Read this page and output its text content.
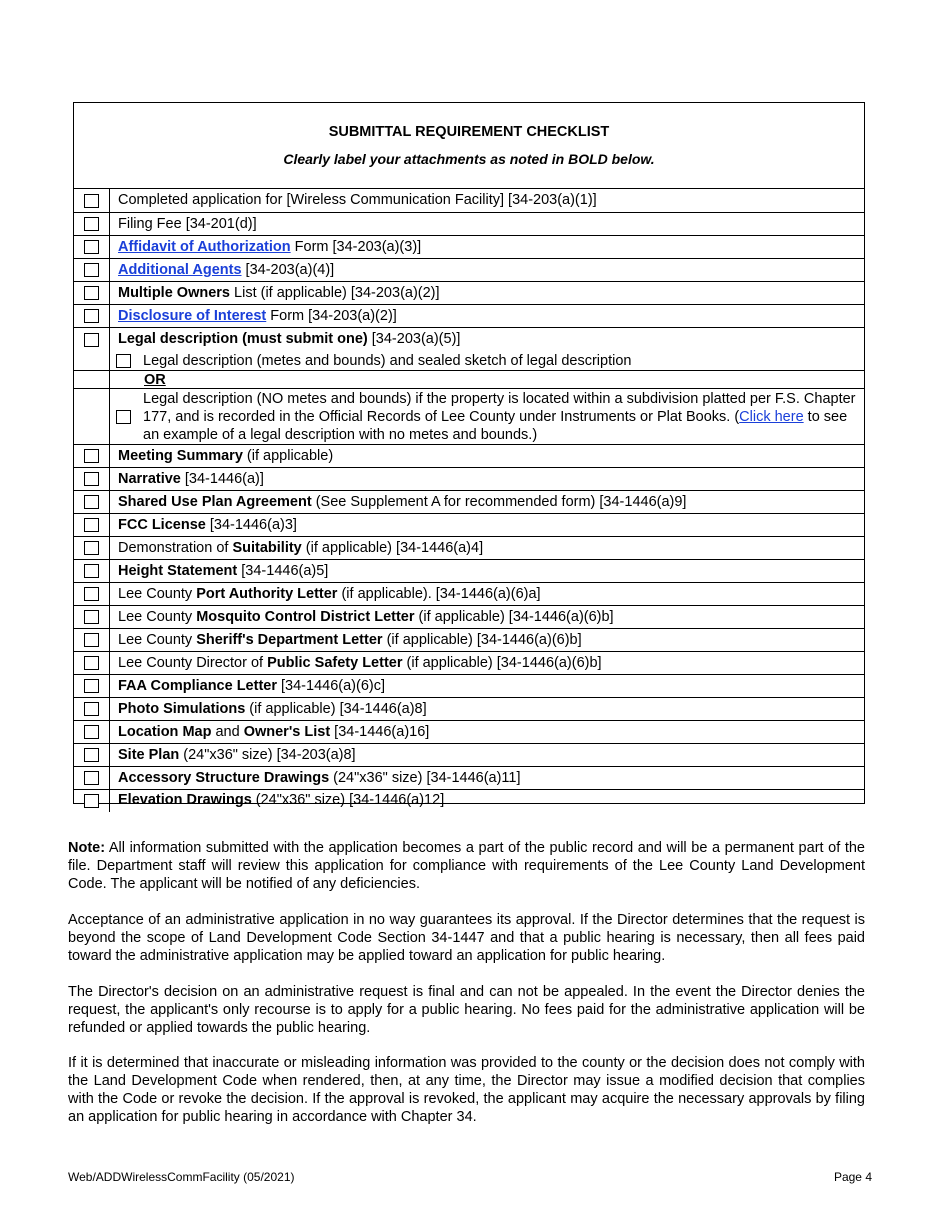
SUBMITTAL REQUIREMENT CHECKLIST
Clearly label your attachments as noted in BOLD below.
Completed application for [Wireless Communication Facility] [34-203(a)(1)]
Filing Fee [34-201(d)]
Affidavit of Authorization Form [34-203(a)(3)]
Additional Agents [34-203(a)(4)]
Multiple Owners List (if applicable) [34-203(a)(2)]
Disclosure of Interest Form [34-203(a)(2)]
Legal description (must submit one) [34-203(a)(5)]
Legal description (metes and bounds) and sealed sketch of legal description
OR
Legal description (NO metes and bounds) if the property is located within a subdivision platted per F.S. Chapter 177, and is recorded in the Official Records of Lee County under Instruments or Plat Books. (Click here to see an example of a legal description with no metes and bounds.)
Meeting Summary (if applicable)
Narrative [34-1446(a)]
Shared Use Plan Agreement (See Supplement A for recommended form) [34-1446(a)9]
FCC License [34-1446(a)3]
Demonstration of Suitability (if applicable) [34-1446(a)4]
Height Statement [34-1446(a)5]
Lee County Port Authority Letter (if applicable). [34-1446(a)(6)a]
Lee County Mosquito Control District Letter (if applicable) [34-1446(a)(6)b]
Lee County Sheriff's Department Letter (if applicable) [34-1446(a)(6)b]
Lee County Director of Public Safety Letter (if applicable) [34-1446(a)(6)b]
FAA Compliance Letter [34-1446(a)(6)c]
Photo Simulations (if applicable) [34-1446(a)8]
Location Map and Owner's List [34-1446(a)16]
Site Plan (24"x36" size) [34-203(a)8]
Accessory Structure Drawings (24"x36" size) [34-1446(a)11]
Elevation Drawings (24"x36" size) [34-1446(a)12]

Note: All information submitted with the application becomes a part of the public record and will be a permanent part of the file. Department staff will review this application for compliance with requirements of the Lee County Land Development Code. The applicant will be notified of any deficiencies.

Acceptance of an administrative application in no way guarantees its approval. If the Director determines that the request is beyond the scope of Land Development Code Section 34-1447 and that a public hearing is necessary, then all fees paid toward the administrative application may be applied toward an application for public hearing.

The Director's decision on an administrative request is final and can not be appealed. In the event the Director denies the request, the applicant's only recourse is to apply for a public hearing. No fees paid for the administrative application will be refunded or applied towards the public hearing.

If it is determined that inaccurate or misleading information was provided to the county or the decision does not comply with the Land Development Code when rendered, then, at any time, the Director may issue a modified decision that complies with the Code or revoke the decision. If the approval is revoked, the applicant may acquire the necessary approvals by filing an application for public hearing in accordance with Chapter 34.

Web/ADDWirelessCommFacility (05/2021)	Page 4
